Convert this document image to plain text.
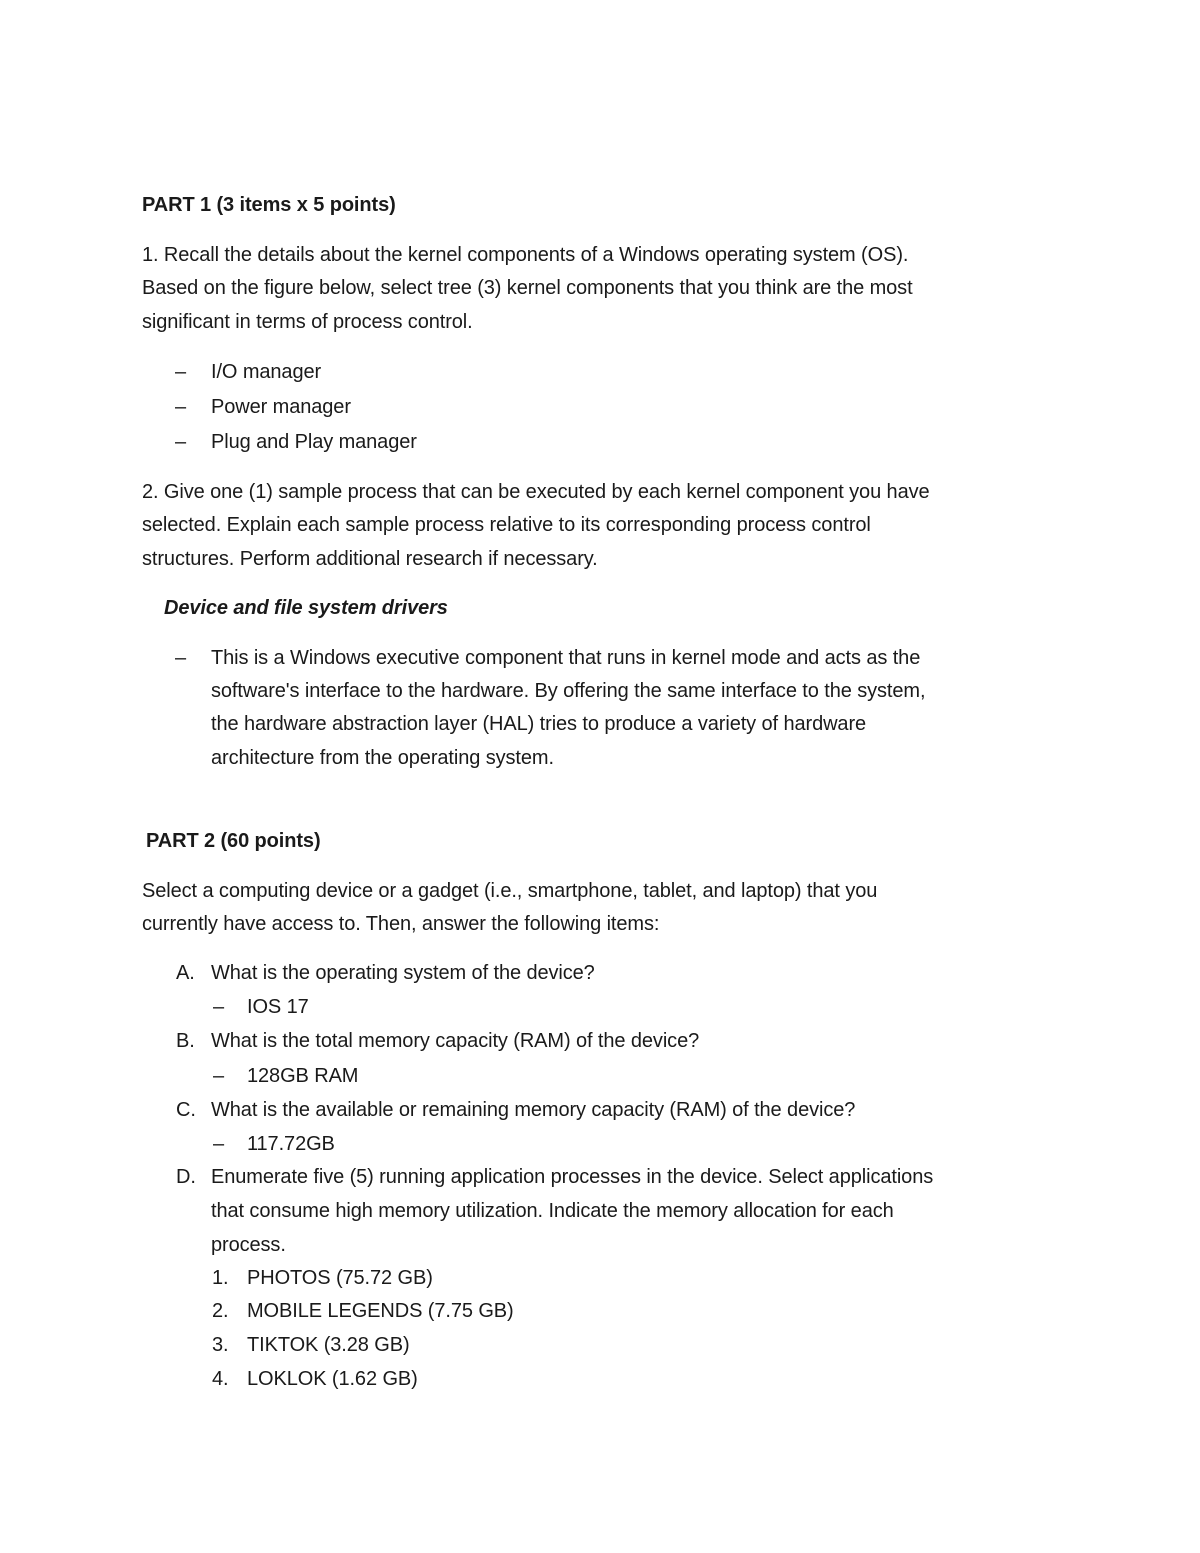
PART 1 (3 items x 5 points)
1. Recall the details about the kernel components of a Windows operating system (OS).
Based on the figure below, select tree (3) kernel components that you think are the most
significant in terms of process control.
– I/O manager
– Power manager
– Plug and Play manager
2. Give one (1) sample process that can be executed by each kernel component you have
selected. Explain each sample process relative to its corresponding process control
structures. Perform additional research if necessary.
Device and file system drivers
– This is a Windows executive component that runs in kernel mode and acts as the
software's interface to the hardware. By offering the same interface to the system,
the hardware abstraction layer (HAL) tries to produce a variety of hardware
architecture from the operating system.
PART 2 (60 points)
Select a computing device or a gadget (i.e., smartphone, tablet, and laptop) that you
currently have access to. Then, answer the following items:
A. What is the operating system of the device?
– IOS 17
B. What is the total memory capacity (RAM) of the device?
– 128GB RAM
C. What is the available or remaining memory capacity (RAM) of the device?
– 117.72GB
D. Enumerate five (5) running application processes in the device. Select applications
that consume high memory utilization. Indicate the memory allocation for each
process.
1. PHOTOS (75.72 GB)
2. MOBILE LEGENDS (7.75 GB)
3. TIKTOK (3.28 GB)
4. LOKLOK (1.62 GB)
